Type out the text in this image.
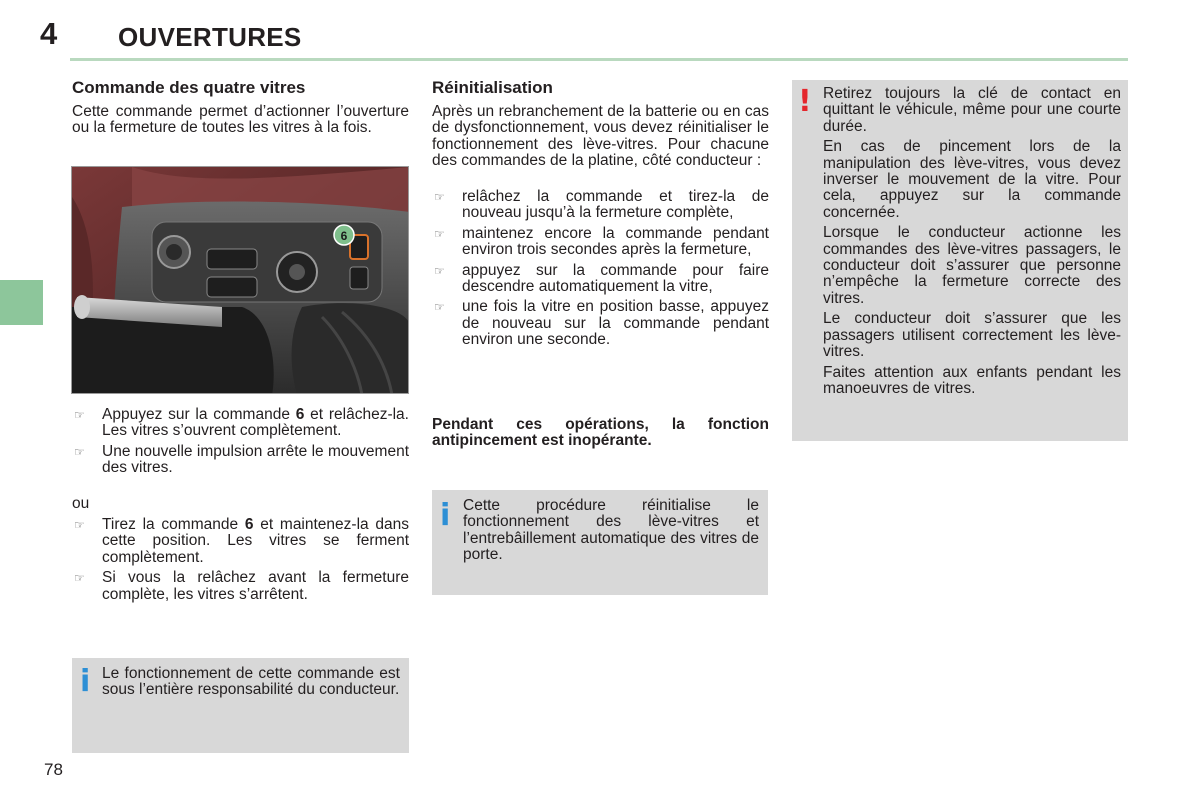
4 OUVERTURES
Commande des quatre vitres
Cette commande permet d’actionner l’ouverture ou la fermeture de toutes les vitres à la fois.
6
☞ Appuyez sur la commande 6 et relâchez-la. Les vitres s’ouvrent complètement.
☞ Une nouvelle impulsion arrête le mouvement des vitres.
ou
☞ Tirez la commande 6 et maintenez-la dans cette position. Les vitres se ferment complètement.
☞ Si vous la relâchez avant la fermeture complète, les vitres s’arrêtent.
i Le fonctionnement de cette commande est sous l’entière responsabilité du conducteur.
Réinitialisation
Après un rebranchement de la batterie ou en cas de dysfonctionnement, vous devez réinitialiser le fonctionnement des lève-vitres. Pour chacune des commandes de la platine, côté conducteur :
☞ relâchez la commande et tirez-la de nouveau jusqu’à la fermeture complète,
☞ maintenez encore la commande pendant environ trois secondes après la fermeture,
☞ appuyez sur la commande pour faire descendre automatiquement la vitre,
☞ une fois la vitre en position basse, appuyez de nouveau sur la commande pendant environ une seconde.
Pendant ces opérations, la fonction antipincement est inopérante.
i Cette procédure réinitialise le fonctionnement des lève-vitres et l’entrebâillement automatique des vitres de porte.
! Retirez toujours la clé de contact en quittant le véhicule, même pour une courte durée.

En cas de pincement lors de la manipulation des lève-vitres, vous devez inverser le mouvement de la vitre. Pour cela, appuyez sur la commande concernée.

Lorsque le conducteur actionne les commandes des lève-vitres passagers, le conducteur doit s’assurer que personne n’empêche la fermeture correcte des vitres.

Le conducteur doit s’assurer que les passagers utilisent correctement les lève-vitres.

Faites attention aux enfants pendant les manoeuvres de vitres.

78
